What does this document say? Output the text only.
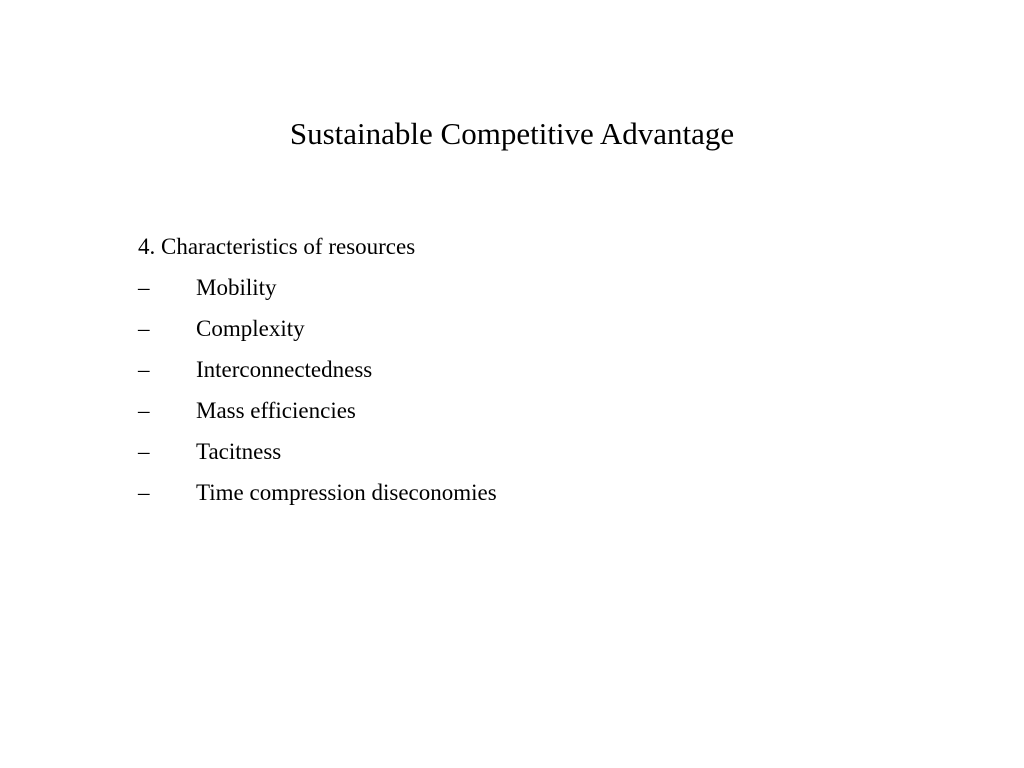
Sustainable Competitive Advantage

4. Characteristics of resources

–	Mobility
–	Complexity
–	Interconnectedness
–	Mass efficiencies
–	Tacitness
–	Time compression diseconomies
